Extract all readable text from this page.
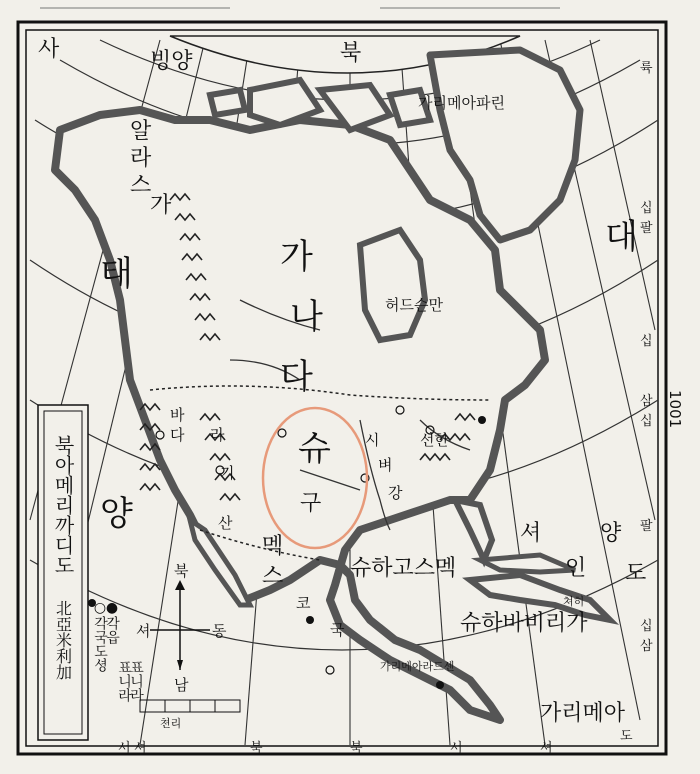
사	빙양	북
태
양
대
셔	양
가
나
다
슈
구
멕
스
코
국
알
라
스
가
가리메아파린
가리메아라드센
바
다 라
기
산
슈하고스멕
슈하바비리가
가리메아
허드슨만
선한
시
벼
강
인 도
쳐히
륙
십
팔
십
삼
십
팔
십
삼
1001
서 셔	북	북	서	셔
도
북아메리까디도
北亞米利加 ○각국도셩
●각읍
표니라
표니라
북
남
동
셔
쳔리
